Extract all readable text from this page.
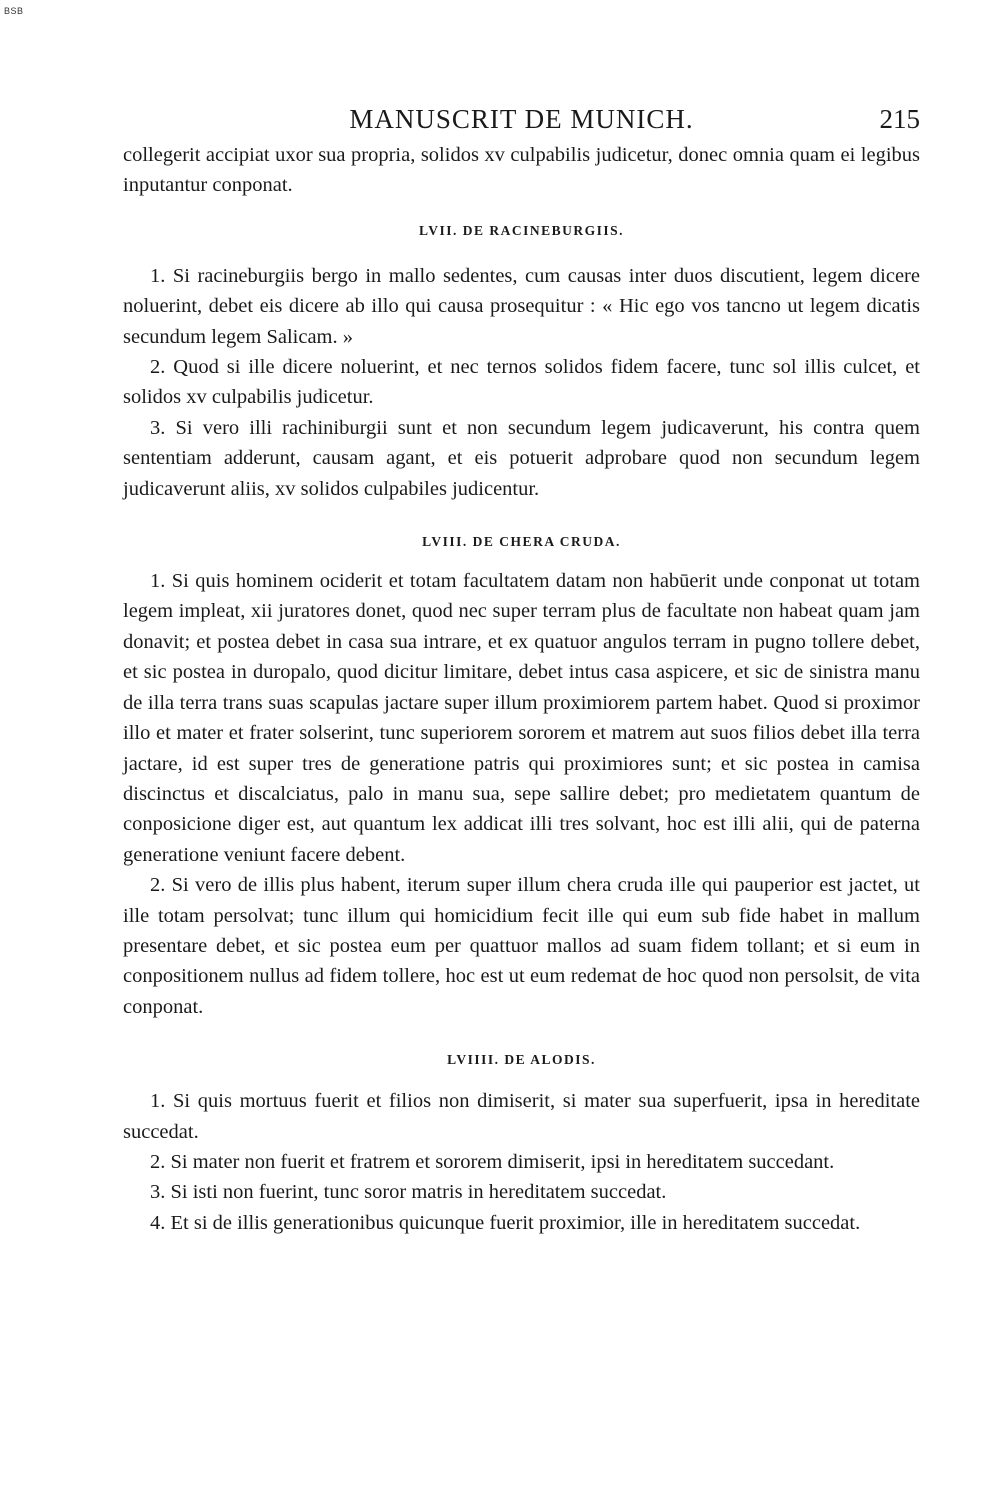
BSB
MANUSCRIT DE MUNICH.	215

collegerit accipiat uxor sua propria, solidos xv culpabilis judicetur, donec omnia quam ei legibus inputantur conponat.

LVII. DE RACINEBURGIIS.

1. Si racineburgiis bergo in mallo sedentes, cum causas inter duos discutient, legem dicere noluerint, debet eis dicere ab illo qui causa prosequitur : « Hic ego vos tancno ut legem dicatis secundum legem Salicam. »

2. Quod si ille dicere noluerint, et nec ternos solidos fidem facere, tunc sol illis culcet, et solidos xv culpabilis judicetur.

3. Si vero illi rachiniburgii sunt et non secundum legem judicaverunt, his contra quem sententiam adderunt, causam agant, et eis potuerit adprobare quod non secundum legem judicaverunt aliis, xv solidos culpabiles judicentur.

LVIII. DE CHERA CRUDA.

1. Si quis hominem ociderit et totam facultatem datam non habūerit unde conponat ut totam legem impleat, xii juratores donet, quod nec super terram plus de facultate non habeat quam jam donavit; et postea debet in casa sua intrare, et ex quatuor angulos terram in pugno tollere debet, et sic postea in duropalo, quod dicitur limitare, debet intus casa aspicere, et sic de sinistra manu de illa terra trans suas scapulas jactare super illum proximiorem partem habet. Quod si proximor illo et mater et frater solserint, tunc superiorem sororem et matrem aut suos filios debet illa terra jactare, id est super tres de generatione patris qui proximiores sunt; et sic postea in camisa discinctus et discalciatus, palo in manu sua, sepe sallire debet; pro medietatem quantum de conposicione diger est, aut quantum lex addicat illi tres solvant, hoc est illi alii, qui de paterna generatione veniunt facere debent.

2. Si vero de illis plus habent, iterum super illum chera cruda ille qui pauperior est jactet, ut ille totam persolvat; tunc illum qui homicidium fecit ille qui eum sub fide habet in mallum presentare debet, et sic postea eum per quattuor mallos ad suam fidem tollant; et si eum in conpositionem nullus ad fidem tollere, hoc est ut eum redemat de hoc quod non persolsit, de vita conponat.

LVIIII. DE ALODIS.

1. Si quis mortuus fuerit et filios non dimiserit, si mater sua superfuerit, ipsa in hereditate succedat.

2. Si mater non fuerit et fratrem et sororem dimiserit, ipsi in hereditatem succedant.

3. Si isti non fuerint, tunc soror matris in hereditatem succedat.

4. Et si de illis generationibus quicunque fuerit proximior, ille in hereditatem succedat.
